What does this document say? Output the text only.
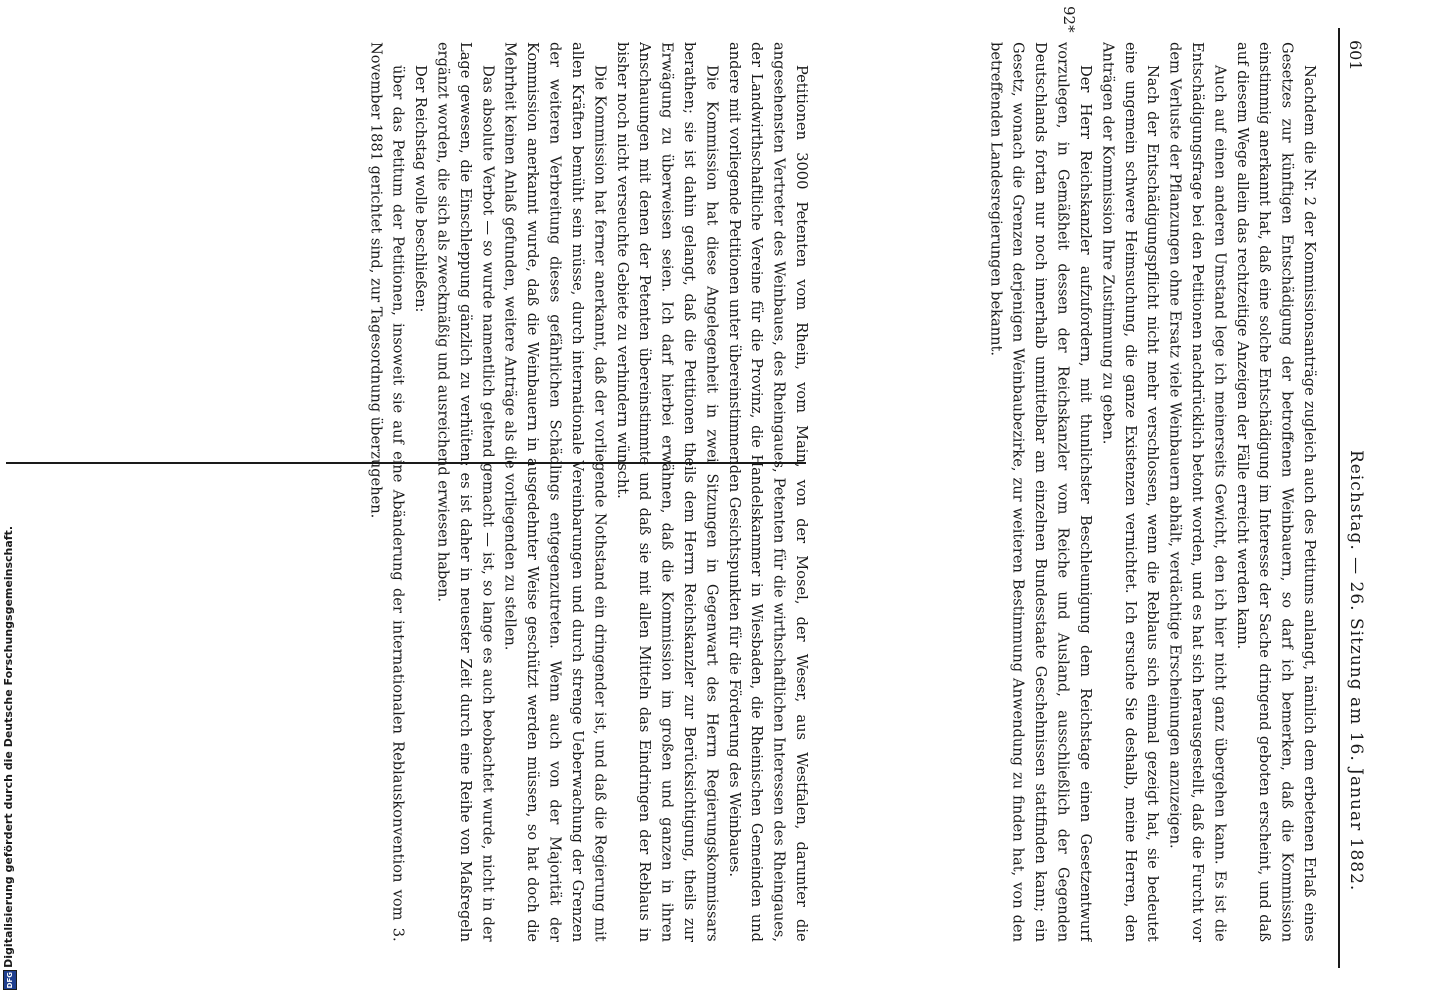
Reichstag. — 26. Sitzung am 16. Januar 1882.
601

Nachdem die Nr. 2 der Kommissionsanträge zugleich auch des Petitums anlangt, nämlich dem erbetenen Erlaß eines Gesetzes zur künftigen Entschädigung der betroffenen Weinbauern, so darf ich bemerken, daß die Kommission einstimmig anerkannt hat, daß eine solche Entschädigung im Interesse der Sache dringend geboten erscheint, und daß auf diesem Wege allein das rechtzeitige Anzeigen der Fälle erreicht werden kann.

Auch auf einen anderen Umstand lege ich meinerseits Gewicht, den ich hier nicht ganz übergehen kann. Es ist die Entschädigungsfrage bei den Petitionen nachdrücklich betont worden, und es hat sich herausgestellt, daß die Furcht vor dem Verluste der Pflanzungen ohne Ersatz viele Weinbauern abhält, verdächtige Erscheinungen anzuzeigen.

Nach der Entschädigungspflicht nicht mehr verschlossen, wenn die Reblaus sich einmal gezeigt hat, sie bedeutet eine ungemein schwere Heimsuchung, die ganze Existenzen vernichtet. Ich ersuche Sie deshalb, meine Herren, den Anträgen der Kommission Ihre Zustimmung zu geben.

Der Herr Reichskanzler aufzufordern, mit thunlichster Beschleunigung dem Reichstage einen Gesetzentwurf vorzulegen, in Gemäßheit dessen der Reichskanzler vom Reiche und Ausland, ausschließlich der Gegenden Deutschlands fortan nur noch innerhalb unmittelbar am einzelnen Bundesstaate Geschehnissen stattfinden kann; ein Gesetz, wonach die Grenzen derjenigen Weinbaubezirke, zur weiteren Bestimmung Anwendung zu finden hat, von den betreffenden Landesregierungen bekannt.

Petitionen 3000 Petenten vom Rhein, vom Main, von der Mosel, der Weser, aus Westfalen, darunter die angesehensten Vertreter des Weinbaues, des Rheingaues, Petenten für die wirthschaftlichen Interessen des Rheingaues, der Landwirthschaftliche Vereine für die Provinz, die Handelskammer in Wiesbaden, die Rheinischen Gemeinden und andere mit vorliegende Petitionen unter übereinstimmenden Gesichtspunkten für die Förderung des Weinbaues.

Die Kommission hat diese Angelegenheit in zwei Sitzungen in Gegenwart des Herrn Regierungskommissars berathen; sie ist dahin gelangt, daß die Petitionen theils dem Herrn Reichskanzler zur Berücksichtigung, theils zur Erwägung zu überweisen seien. Ich darf hierbei erwähnen, daß die Kommission im großen und ganzen in ihren Anschauungen mit denen der Petenten übereinstimmte und daß sie mit allen Mitteln das Eindringen der Reblaus in bisher noch nicht verseuchte Gebiete zu verhindern wünscht.

Die Kommission hat ferner anerkannt, daß der vorliegende Nothstand ein dringender ist, und daß die Regierung mit allen Kräften bemüht sein müsse, durch internationale Vereinbarungen und durch strenge Ueberwachung der Grenzen der weiteren Verbreitung dieses gefährlichen Schädlings entgegenzutreten. Wenn auch von der Majorität der Kommission anerkannt wurde, daß die Weinbauern in ausgedehnter Weise geschützt werden müssen, so hat doch die Mehrheit keinen Anlaß gefunden, weitere Anträge als die vorliegenden zu stellen.

Das absolute Verbot — so wurde namentlich geltend gemacht — ist, so lange es auch beobachtet wurde, nicht in der Lage gewesen, die Einschleppung gänzlich zu verhüten; es ist daher in neuester Zeit durch eine Reihe von Maßregeln ergänzt worden, die sich als zweckmäßig und ausreichend erwiesen haben.

Der Reichstag wolle beschließen:

über das Petitum der Petitionen, insoweit sie auf eine Abänderung der internationalen Reblauskonvention vom 3. November 1881 gerichtet sind, zur Tagesordnung überzugehen.

92*
Digitalisierung gefördert durch die Deutsche Forschungsgemeinschaft.
DFG
